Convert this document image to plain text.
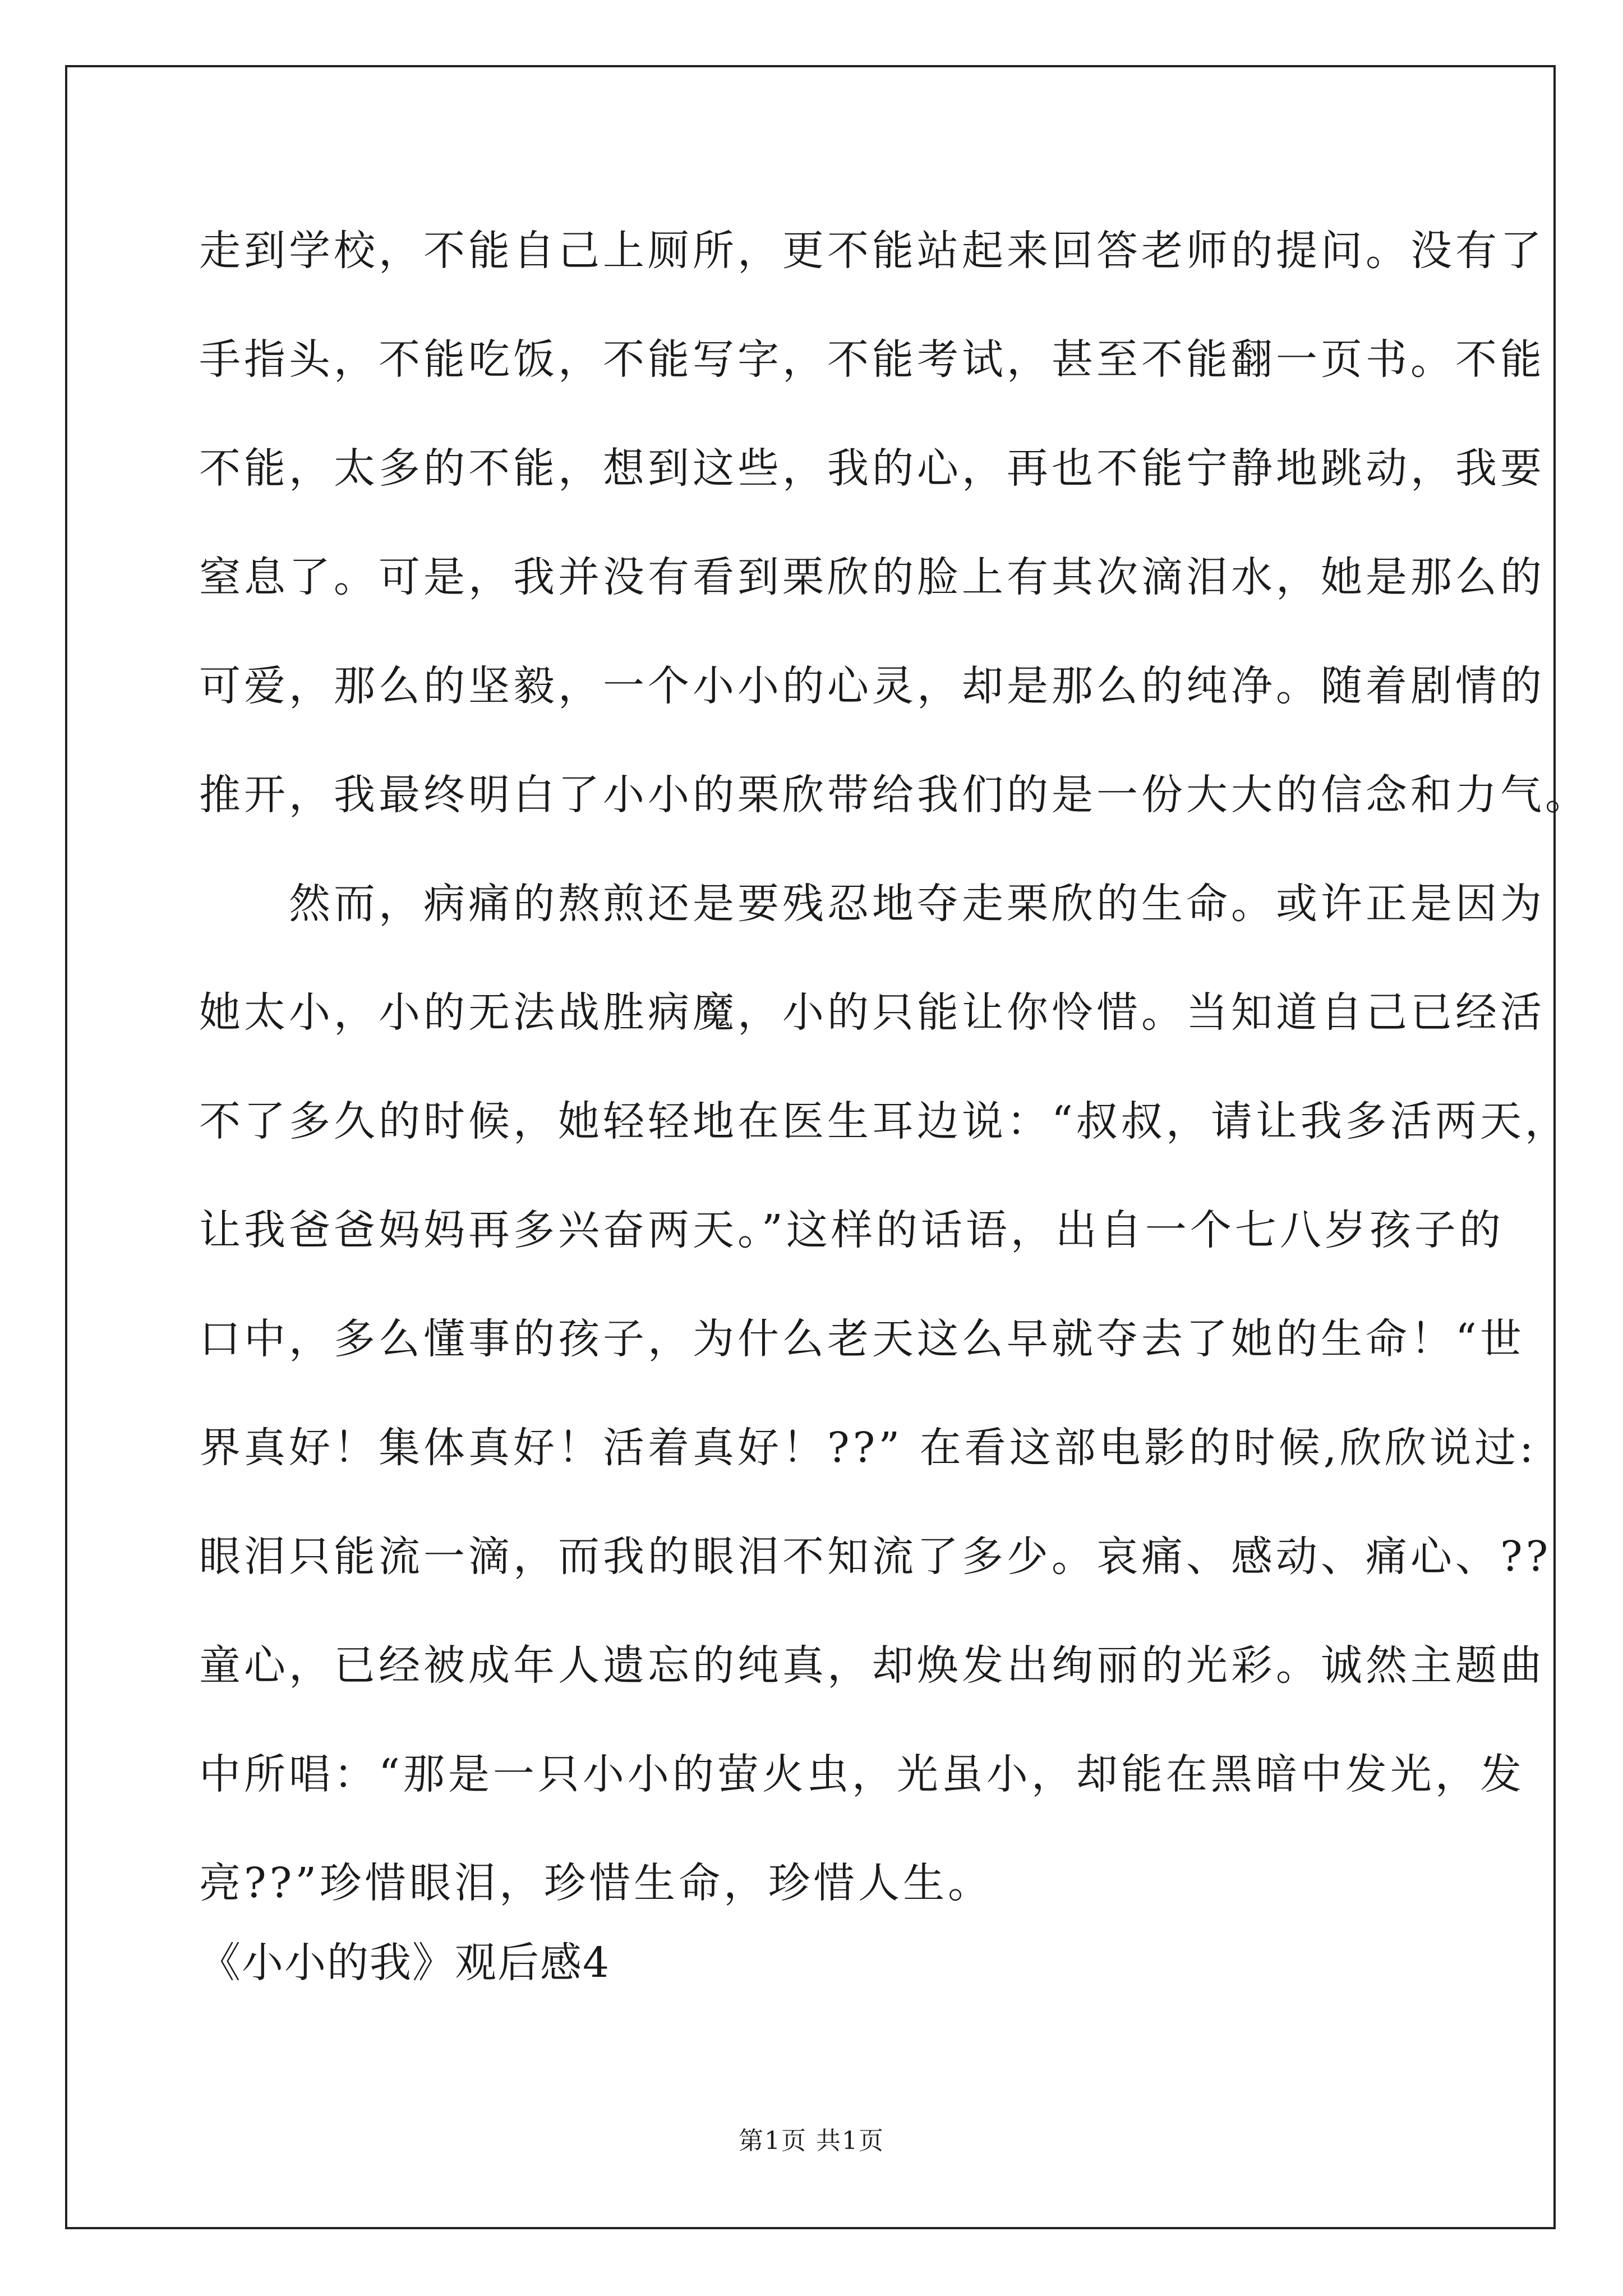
走到学校，不能自己上厕所，更不能站起来回答老师的提问。没有了
手指头，不能吃饭，不能写字，不能考试，甚至不能翻一页书。不能
不能，太多的不能，想到这些，我的心，再也不能宁静地跳动，我要
窒息了。可是，我并没有看到栗欣的脸上有其次滴泪水，她是那么的
可爱，那么的坚毅，一个小小的心灵，却是那么的纯净。随着剧情的
推开，我最终明白了小小的栗欣带给我们的是一份大大的信念和力气。
然而，病痛的熬煎还是要残忍地夺走栗欣的生命。或许正是因为
她太小，小的无法战胜病魔，小的只能让你怜惜。当知道自己已经活
不了多久的时候，她轻轻地在医生耳边说：“叔叔，请让我多活两天，
让我爸爸妈妈再多兴奋两天。”这样的话语，出自一个七八岁孩子的
口中，多么懂事的孩子，为什么老天这么早就夺去了她的生命！“世
界真好！集体真好！活着真好！??” 在看这部电影的时候,欣欣说过:
眼泪只能流一滴，而我的眼泪不知流了多少。哀痛、感动、痛心、??
童心，已经被成年人遗忘的纯真，却焕发出绚丽的光彩。诚然主题曲
中所唱：“那是一只小小的萤火虫，光虽小，却能在黑暗中发光，发
亮??”珍惜眼泪，珍惜生命，珍惜人生。
《小小的我》观后感4
第1页 共1页
